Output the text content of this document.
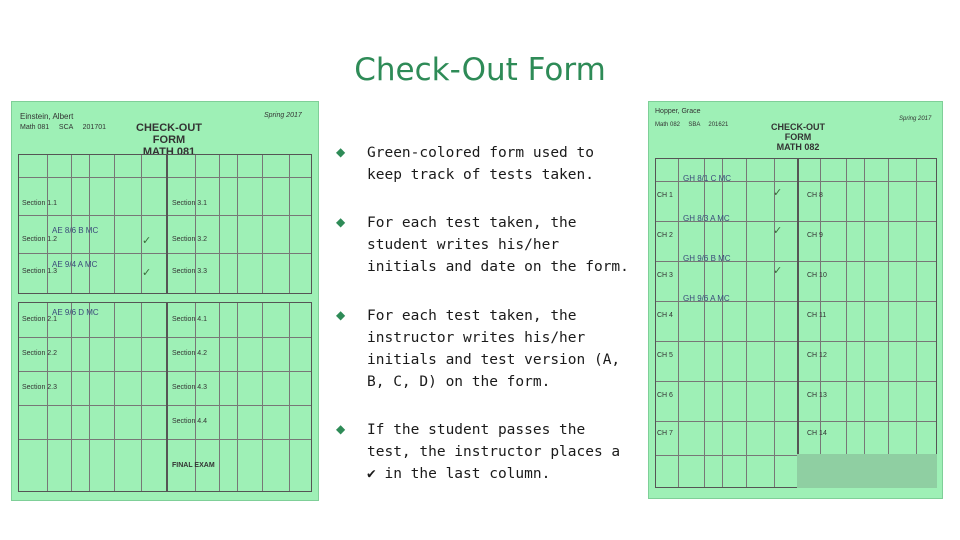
Check-Out Form
Einstein, Albert
Math 081     SCA     201701
Spring 2017
CHECK-OUT FORM
MATH 081
Section 1.1
Section 1.2
Section 1.3
Section 3.1
Section 3.2
Section 3.3
AE 8/6 B MC
AE 9/4 A MC
✓
✓
AE 9/6 D MC
Section 2.1
Section 2.2
Section 2.3
Section 4.1
Section 4.2
Section 4.3
Section 4.4
FINAL EXAM
Hopper, Grace
Math 082     SBA     201621
Spring 2017
CHECK-OUT FORM
MATH 082
CH 1
CH 2
CH 3
CH 4
CH 5
CH 6
CH 7
CH 8
CH 9
CH 10
CH 11
CH 12
CH 13
CH 14
GH 8/1 C MC
GH 8/3 A MC
GH 9/6 B MC
GH 9/6 A MC
✓
✓
✓
◆ Green-colored form used to keep track of tests taken.
◆ For each test taken, the student writes his/her initials and date on the form.
◆ For each test taken, the instructor writes his/her initials and test version (A, B, C, D) on the form.
◆ If the student passes the test, the instructor places a ✔ in the last column.
